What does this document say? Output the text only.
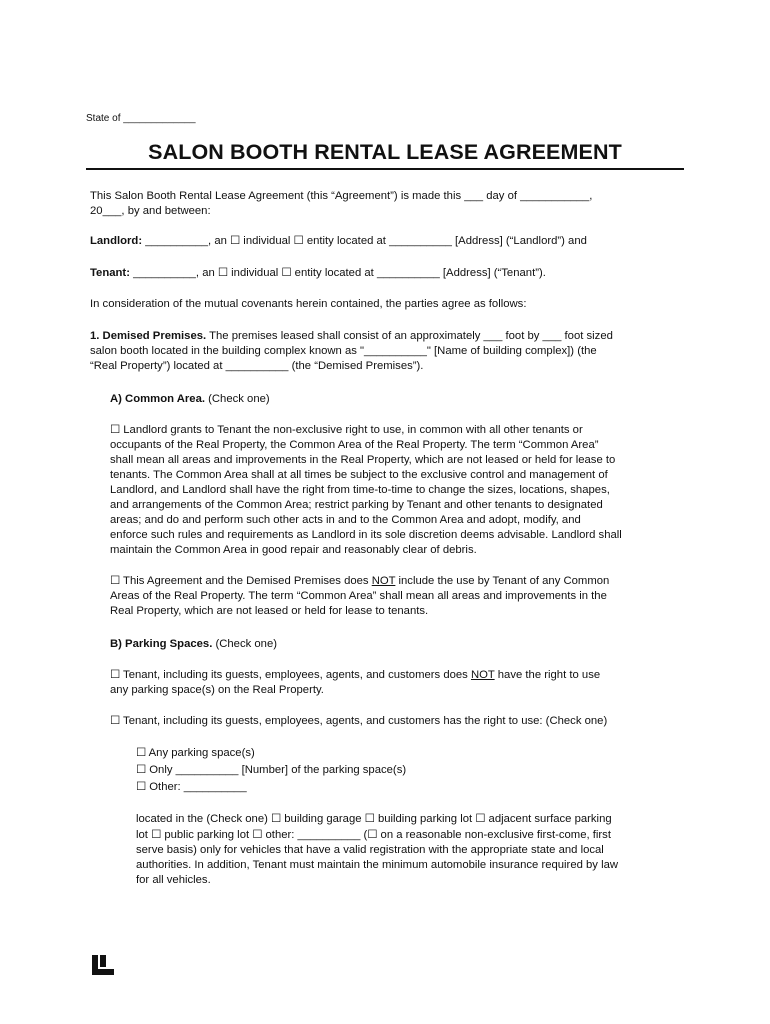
State of _____________
SALON BOOTH RENTAL LEASE AGREEMENT

This Salon Booth Rental Lease Agreement (this “Agreement”) is made this ___ day of ___________,

20___, by and between:

Landlord: __________, an ☐ individual ☐ entity located at __________ [Address] (“Landlord”) and

Tenant: __________, an ☐ individual ☐ entity located at __________ [Address] (“Tenant”).

In consideration of the mutual covenants herein contained, the parties agree as follows:

1. Demised Premises. The premises leased shall consist of an approximately ___ foot by ___ foot sized

salon booth located in the building complex known as "__________" [Name of building complex]) (the

“Real Property”) located at __________ (the “Demised Premises”).

A) Common Area. (Check one)

☐ Landlord grants to Tenant the non-exclusive right to use, in common with all other tenants or

occupants of the Real Property, the Common Area of the Real Property. The term “Common Area”

shall mean all areas and improvements in the Real Property, which are not leased or held for lease to

tenants. The Common Area shall at all times be subject to the exclusive control and management of

Landlord, and Landlord shall have the right from time-to-time to change the sizes, locations, shapes,

and arrangements of the Common Area; restrict parking by Tenant and other tenants to designated

areas; and do and perform such other acts in and to the Common Area and adopt, modify, and

enforce such rules and requirements as Landlord in its sole discretion deems advisable. Landlord shall

maintain the Common Area in good repair and reasonably clear of debris.

☐ This Agreement and the Demised Premises does NOT include the use by Tenant of any Common

Areas of the Real Property. The term “Common Area” shall mean all areas and improvements in the

Real Property, which are not leased or held for lease to tenants.

B) Parking Spaces. (Check one)

☐ Tenant, including its guests, employees, agents, and customers does NOT have the right to use

any parking space(s) on the Real Property.

☐ Tenant, including its guests, employees, agents, and customers has the right to use: (Check one)

☐ Any parking space(s)

☐ Only __________ [Number] of the parking space(s)

☐ Other: __________

located in the (Check one) ☐ building garage ☐ building parking lot ☐ adjacent surface parking

lot ☐ public parking lot ☐ other: __________ (☐ on a reasonable non-exclusive first-come, first

serve basis) only for vehicles that have a valid registration with the appropriate state and local

authorities. In addition, Tenant must maintain the minimum automobile insurance required by law

for all vehicles.
